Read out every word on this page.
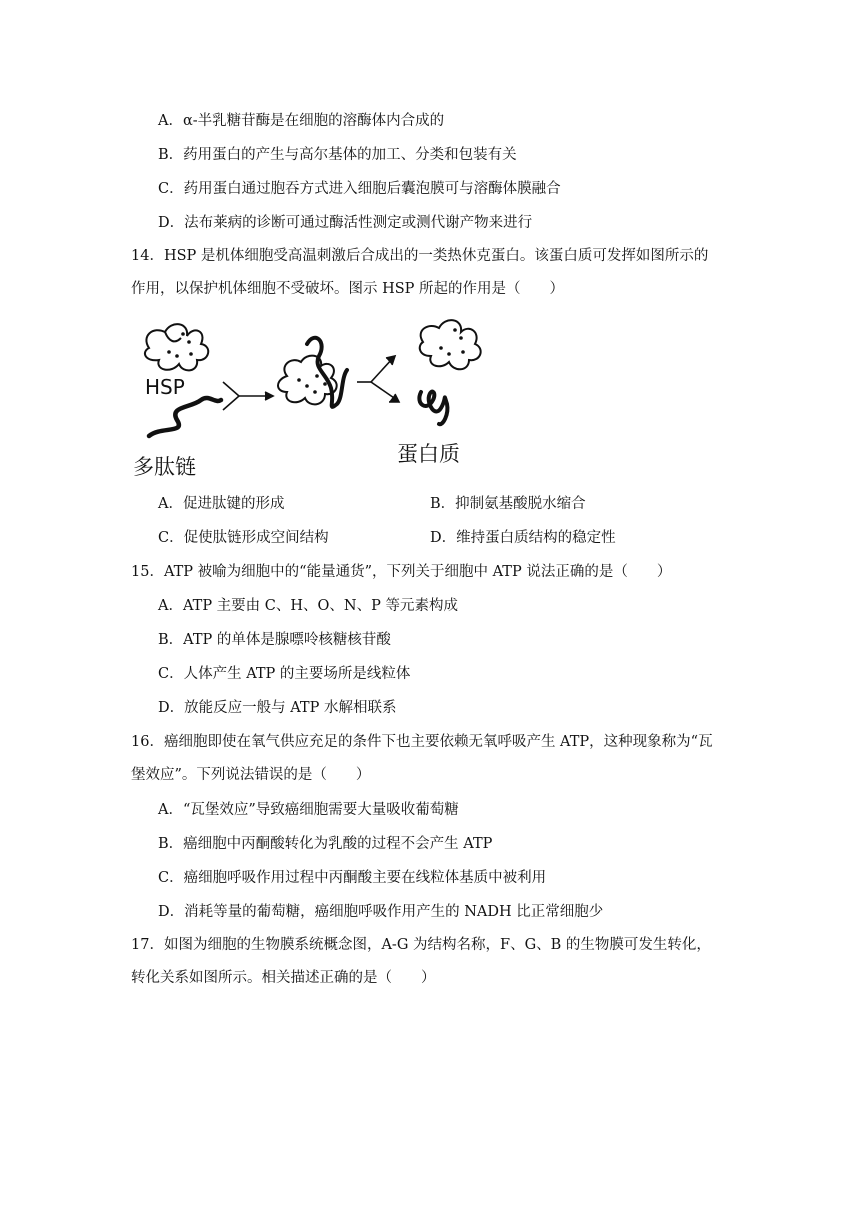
A．α-半乳糖苷酶是在细胞的溶酶体内合成的
B．药用蛋白的产生与高尔基体的加工、分类和包装有关
C．药用蛋白通过胞吞方式进入细胞后囊泡膜可与溶酶体膜融合
D．法布莱病的诊断可通过酶活性测定或测代谢产物来进行
14．HSP 是机体细胞受高温刺激后合成出的一类热休克蛋白。该蛋白质可发挥如图所示的
作用，以保护机体细胞不受破坏。图示 HSP 所起的作用是（　　）
HSP
多肽链
蛋白质
A．促进肽键的形成	B．抑制氨基酸脱水缩合
C．促使肽链形成空间结构	D．维持蛋白质结构的稳定性
15．ATP 被喻为细胞中的“能量通货”，下列关于细胞中 ATP 说法正确的是（　　）
A．ATP 主要由 C、H、O、N、P 等元素构成
B．ATP 的单体是腺嘌呤核糖核苷酸
C．人体产生 ATP 的主要场所是线粒体
D．放能反应一般与 ATP 水解相联系
16．癌细胞即使在氧气供应充足的条件下也主要依赖无氧呼吸产生 ATP，这种现象称为“瓦
堡效应”。下列说法错误的是（　　）
A．“瓦堡效应”导致癌细胞需要大量吸收葡萄糖
B．癌细胞中丙酮酸转化为乳酸的过程不会产生 ATP
C．癌细胞呼吸作用过程中丙酮酸主要在线粒体基质中被利用
D．消耗等量的葡萄糖，癌细胞呼吸作用产生的 NADH 比正常细胞少
17．如图为细胞的生物膜系统概念图，A-G 为结构名称，F、G、B 的生物膜可发生转化，
转化关系如图所示。相关描述正确的是（　　）
